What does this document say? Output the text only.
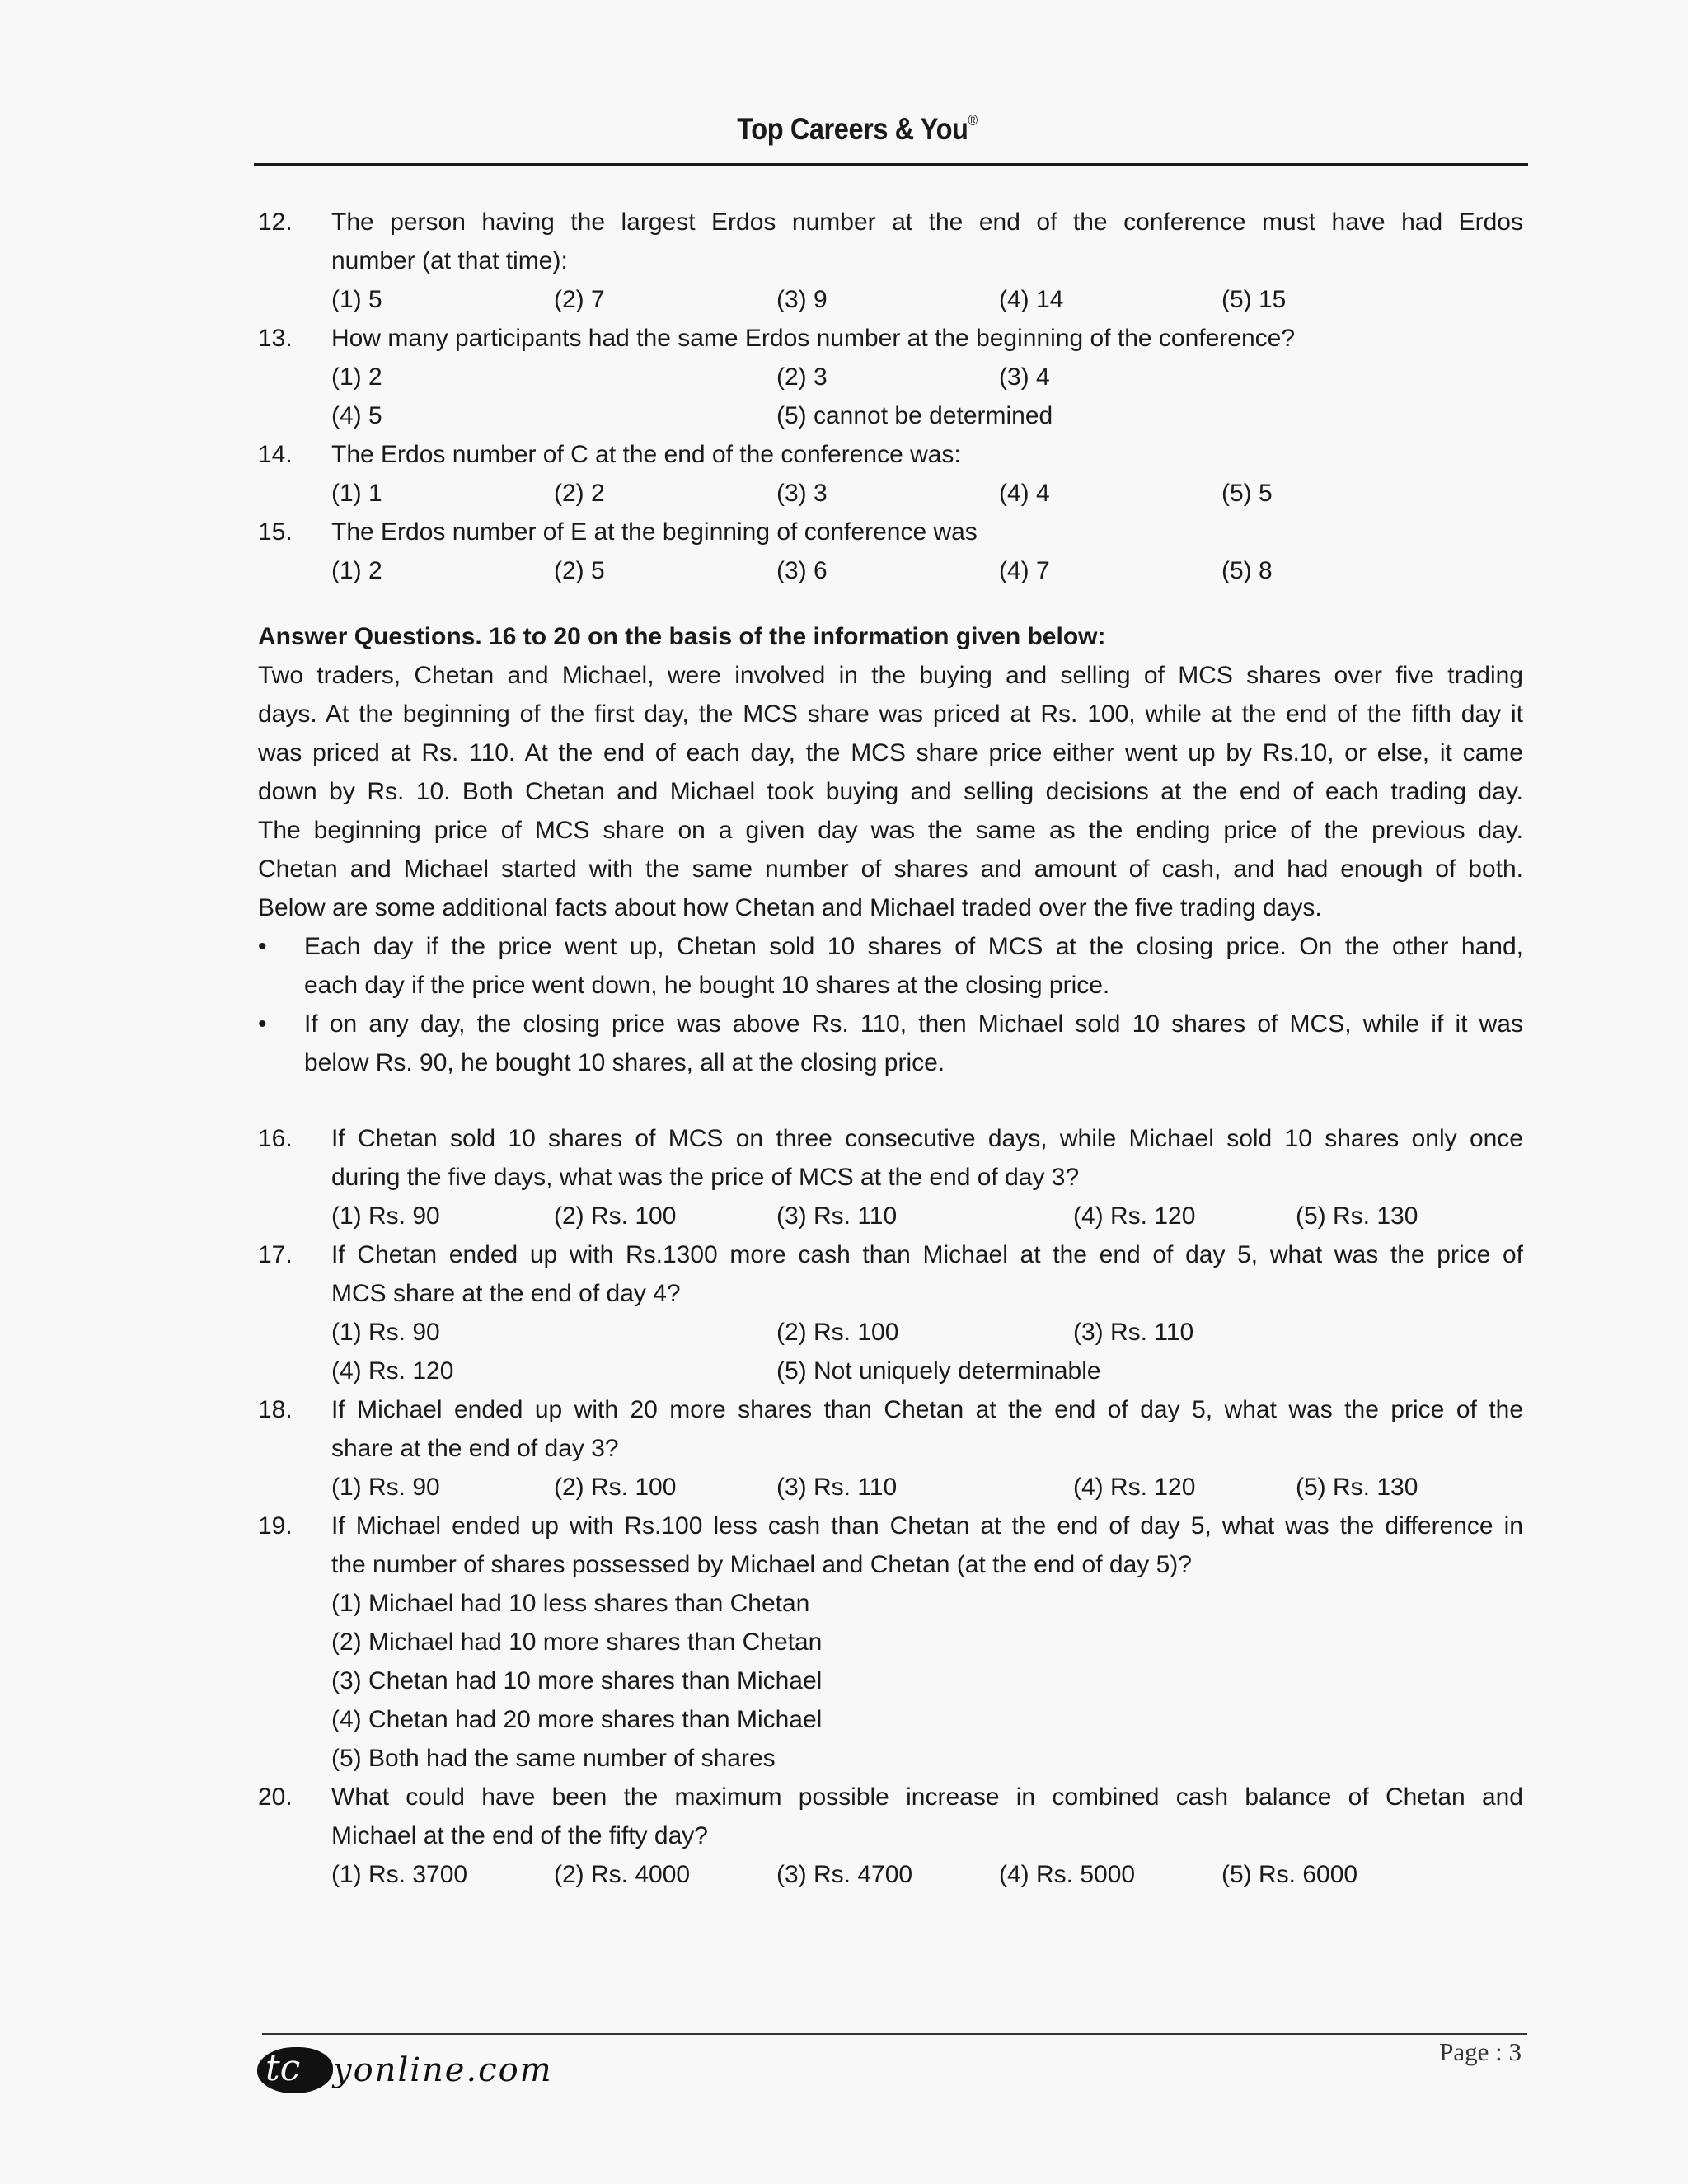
Top Careers & You®
12. The person having the largest Erdos number at the end of the conference must have had Erdos
number (at that time):
(1) 5	(2) 7	(3) 9	(4) 14	(5) 15
13. How many participants had the same Erdos number at the beginning of the conference?
(1) 2	(2) 3	(3) 4
(4) 5	(5) cannot be determined
14. The Erdos number of C at the end of the conference was:
(1) 1	(2) 2	(3) 3	(4) 4	(5) 5
15. The Erdos number of E at the beginning of conference was
(1) 2	(2) 5	(3) 6	(4) 7	(5) 8
Answer Questions. 16 to 20 on the basis of the information given below:
Two traders, Chetan and Michael, were involved in the buying and selling of MCS shares over five trading
days. At the beginning of the first day, the MCS share was priced at Rs. 100, while at the end of the fifth day it
was priced at Rs. 110. At the end of each day, the MCS share price either went up by Rs.10, or else, it came
down by Rs. 10. Both Chetan and Michael took buying and selling decisions at the end of each trading day.
The beginning price of MCS share on a given day was the same as the ending price of the previous day.
Chetan and Michael started with the same number of shares and amount of cash, and had enough of both.
Below are some additional facts about how Chetan and Michael traded over the five trading days.
• Each day if the price went up, Chetan sold 10 shares of MCS at the closing price. On the other hand,
each day if the price went down, he bought 10 shares at the closing price.
• If on any day, the closing price was above Rs. 110, then Michael sold 10 shares of MCS, while if it was
below Rs. 90, he bought 10 shares, all at the closing price.
16. If Chetan sold 10 shares of MCS on three consecutive days, while Michael sold 10 shares only once
during the five days, what was the price of MCS at the end of day 3?
(1) Rs. 90	(2) Rs. 100	(3) Rs. 110	(4) Rs. 120	(5) Rs. 130
17. If Chetan ended up with Rs.1300 more cash than Michael at the end of day 5, what was the price of
MCS share at the end of day 4?
(1) Rs. 90	(2) Rs. 100	(3) Rs. 110
(4) Rs. 120	(5) Not uniquely determinable
18. If Michael ended up with 20 more shares than Chetan at the end of day 5, what was the price of the
share at the end of day 3?
(1) Rs. 90	(2) Rs. 100	(3) Rs. 110	(4) Rs. 120	(5) Rs. 130
19. If Michael ended up with Rs.100 less cash than Chetan at the end of day 5, what was the difference in
the number of shares possessed by Michael and Chetan (at the end of day 5)?
(1) Michael had 10 less shares than Chetan
(2) Michael had 10 more shares than Chetan
(3) Chetan had 10 more shares than Michael
(4) Chetan had 20 more shares than Michael
(5) Both had the same number of shares
20. What could have been the maximum possible increase in combined cash balance of Chetan and
Michael at the end of the fifty day?
(1) Rs. 3700	(2) Rs. 4000	(3) Rs. 4700	(4) Rs. 5000	(5) Rs. 6000
tc yonline.com	Page : 3
